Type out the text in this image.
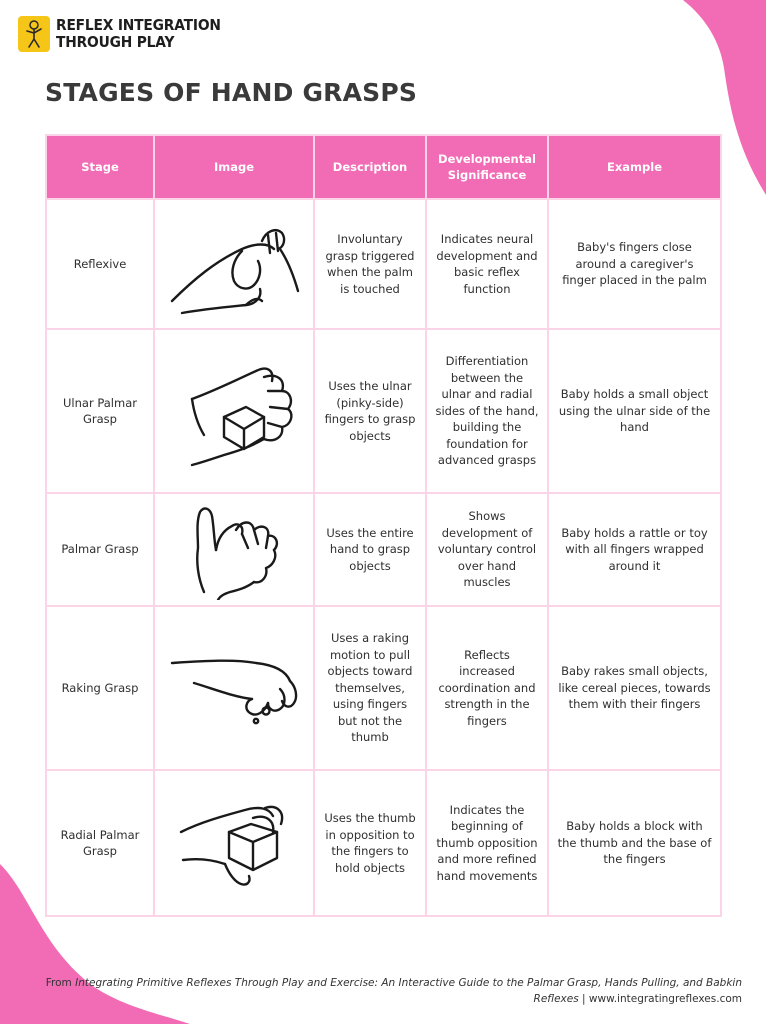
REFLEX INTEGRATION
THROUGH PLAY
STAGES OF HAND GRASPS
Stage	Image	Description	Developmental Significance	Example
Reflexive		Involuntary grasp triggered when the palm is touched	Indicates neural development and basic reflex function	Baby's fingers close around a caregiver's finger placed in the palm
Ulnar Palmar Grasp		Uses the ulnar (pinky-side) fingers to grasp objects	Differentiation between the ulnar and radial sides of the hand, building the foundation for advanced grasps	Baby holds a small object using the ulnar side of the hand
Palmar Grasp		Uses the entire hand to grasp objects	Shows development of voluntary control over hand muscles	Baby holds a rattle or toy with all fingers wrapped around it
Raking Grasp		Uses a raking motion to pull objects toward themselves, using fingers but not the thumb	Reflects increased coordination and strength in the fingers	Baby rakes small objects, like cereal pieces, towards them with their fingers
Radial Palmar Grasp		Uses the thumb in opposition to the fingers to hold objects	Indicates the beginning of thumb opposition and more refined hand movements	Baby holds a block with the thumb and the base of the fingers
From Integrating Primitive Reflexes Through Play and Exercise: An Interactive Guide to the Palmar Grasp, Hands Pulling, and Babkin Reflexes | www.integratingreflexes.com
